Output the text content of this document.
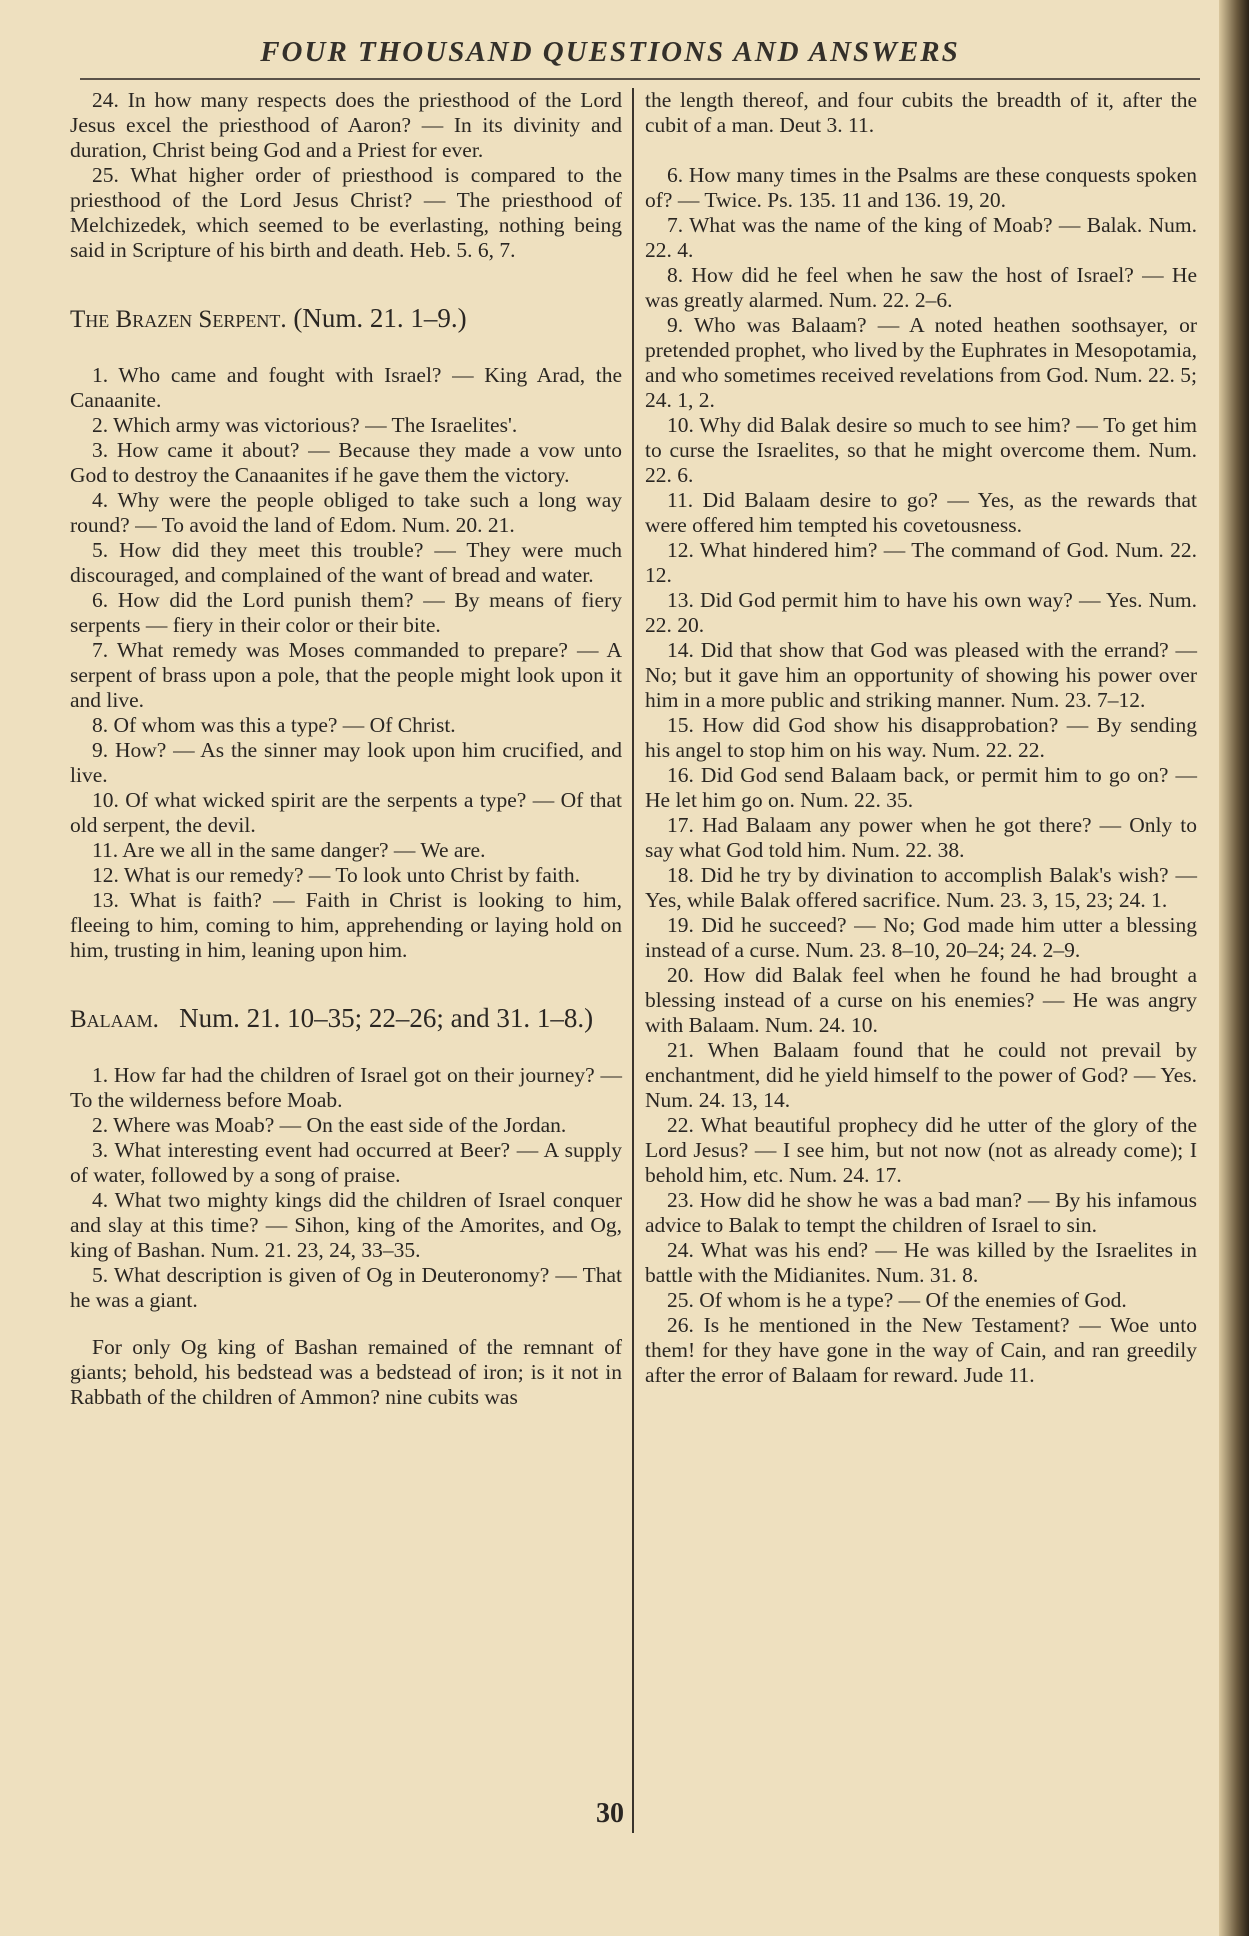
FOUR THOUSAND QUESTIONS AND ANSWERS

24. In how many respects does the priesthood of the Lord Jesus excel the priesthood of Aaron? — In its divinity and duration, Christ being God and a Priest for ever.

25. What higher order of priesthood is compared to the priesthood of the Lord Jesus Christ? — The priesthood of Melchizedek, which seemed to be everlasting, nothing being said in Scripture of his birth and death. Heb. 5. 6, 7.

The Brazen Serpent. (Num. 21. 1–9.)

1. Who came and fought with Israel? — King Arad, the Canaanite.

2. Which army was victorious? — The Israelites'.

3. How came it about? — Because they made a vow unto God to destroy the Canaanites if he gave them the victory.

4. Why were the people obliged to take such a long way round? — To avoid the land of Edom. Num. 20. 21.

5. How did they meet this trouble? — They were much discouraged, and complained of the want of bread and water.

6. How did the Lord punish them? — By means of fiery serpents — fiery in their color or their bite.

7. What remedy was Moses commanded to prepare? — A serpent of brass upon a pole, that the people might look upon it and live.

8. Of whom was this a type? — Of Christ.

9. How? — As the sinner may look upon him crucified, and live.

10. Of what wicked spirit are the serpents a type? — Of that old serpent, the devil.

11. Are we all in the same danger? — We are.

12. What is our remedy? — To look unto Christ by faith.

13. What is faith? — Faith in Christ is looking to him, fleeing to him, coming to him, apprehending or laying hold on him, trusting in him, leaning upon him.

Balaam. Num. 21. 10–35; 22–26; and 31. 1–8.)

1. How far had the children of Israel got on their journey? — To the wilderness before Moab.

2. Where was Moab? — On the east side of the Jordan.

3. What interesting event had occurred at Beer? — A supply of water, followed by a song of praise.

4. What two mighty kings did the children of Israel conquer and slay at this time? — Sihon, king of the Amorites, and Og, king of Bashan. Num. 21. 23, 24, 33–35.

5. What description is given of Og in Deuteronomy? — That he was a giant.

For only Og king of Bashan remained of the remnant of giants; behold, his bedstead was a bedstead of iron; is it not in Rabbath of the children of Ammon? nine cubits was

the length thereof, and four cubits the breadth of it, after the cubit of a man. Deut 3. 11.

6. How many times in the Psalms are these conquests spoken of? — Twice. Ps. 135. 11 and 136. 19, 20.

7. What was the name of the king of Moab? — Balak. Num. 22. 4.

8. How did he feel when he saw the host of Israel? — He was greatly alarmed. Num. 22. 2–6.

9. Who was Balaam? — A noted heathen soothsayer, or pretended prophet, who lived by the Euphrates in Mesopotamia, and who sometimes received revelations from God. Num. 22. 5; 24. 1, 2.

10. Why did Balak desire so much to see him? — To get him to curse the Israelites, so that he might overcome them. Num. 22. 6.

11. Did Balaam desire to go? — Yes, as the rewards that were offered him tempted his covetousness.

12. What hindered him? — The command of God. Num. 22. 12.

13. Did God permit him to have his own way? — Yes. Num. 22. 20.

14. Did that show that God was pleased with the errand? — No; but it gave him an opportunity of showing his power over him in a more public and striking manner. Num. 23. 7–12.

15. How did God show his disapprobation? — By sending his angel to stop him on his way. Num. 22. 22.

16. Did God send Balaam back, or permit him to go on? — He let him go on. Num. 22. 35.

17. Had Balaam any power when he got there? — Only to say what God told him. Num. 22. 38.

18. Did he try by divination to accomplish Balak's wish? — Yes, while Balak offered sacrifice. Num. 23. 3, 15, 23; 24. 1.

19. Did he succeed? — No; God made him utter a blessing instead of a curse. Num. 23. 8–10, 20–24; 24. 2–9.

20. How did Balak feel when he found he had brought a blessing instead of a curse on his enemies? — He was angry with Balaam. Num. 24. 10.

21. When Balaam found that he could not prevail by enchantment, did he yield himself to the power of God? — Yes. Num. 24. 13, 14.

22. What beautiful prophecy did he utter of the glory of the Lord Jesus? — I see him, but not now (not as already come); I behold him, etc. Num. 24. 17.

23. How did he show he was a bad man? — By his infamous advice to Balak to tempt the children of Israel to sin.

24. What was his end? — He was killed by the Israelites in battle with the Midianites. Num. 31. 8.

25. Of whom is he a type? — Of the enemies of God.

26. Is he mentioned in the New Testament? — Woe unto them! for they have gone in the way of Cain, and ran greedily after the error of Balaam for reward. Jude 11.

30
